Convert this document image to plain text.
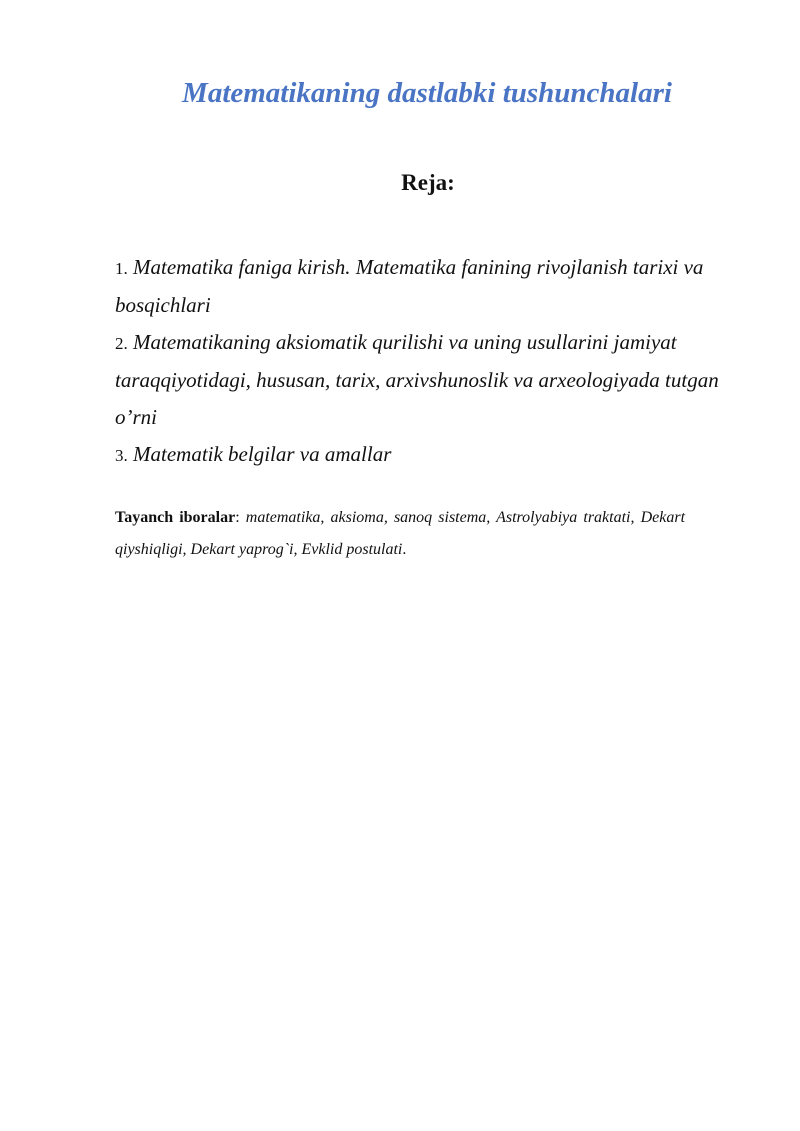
Matematikaning dastlabki tushunchalari
Reja:
1. Matematika faniga kirish. Matematika fanining rivojlanish tarixi va bosqichlari
2. Matematikaning aksiomatik qurilishi va uning usullarini jamiyat taraqqiyotidagi, hususan, tarix, arxivshunoslik va arxeologiyada tutgan o’rni
3. Matematik belgilar va amallar

Tayanch iboralar: matematika, aksioma, sanoq sistema, Astrolyabiya traktati, Dekart qiyshiqligi, Dekart yaprog`i, Evklid postulati.
